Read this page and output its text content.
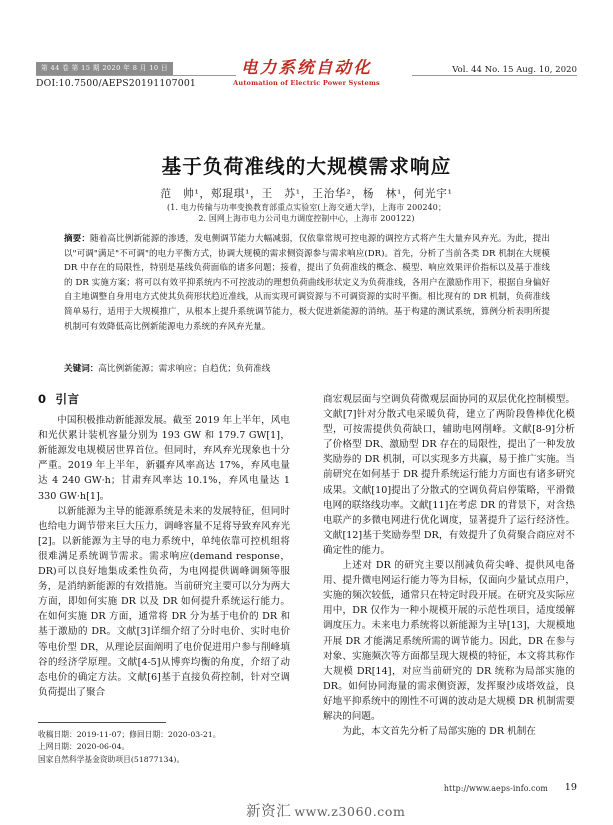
第 44 卷 第 15 期 2020 年 8 月 10 日
DOI:10.7500/AEPS20191107001
电力系统自动化
Automation of Electric Power Systems
Vol. 44 No. 15 Aug. 10, 2020
基于负荷准线的大规模需求响应
范　帅¹，郏琨琪¹，王　苏¹，王治华²，杨　林¹，何光宇¹
(1. 电力传输与功率变换教育部重点实验室(上海交通大学)，上海市 200240；
2. 国网上海市电力公司电力调度控制中心，上海市 200122)
摘要：随着高比例新能源的渗透，发电侧调节能力大幅减弱，仅依靠常规可控电源的调控方式将产生大量弃风弃光。为此，提出以"可调"满足"不可调"的电力平衡方式，协调大规模的需求侧资源参与需求响应(DR)。首先，分析了当前各类 DR 机制在大规模 DR 中存在的局限性，特别是基线负荷面临的诸多问题；接着，提出了负荷准线的概念、模型、响应效果评价指标以及基于准线的 DR 实施方案；将可以有效平抑系统内不可控波动的理想负荷曲线形状定义为负荷准线，各用户在激励作用下，根据自身偏好自主地调整自身用电方式使其负荷形状趋近准线，从而实现可调资源与不可调资源的实时平衡。相比现有的 DR 机制，负荷准线简单易行，适用于大规模推广，从根本上提升系统调节能力，极大促进新能源的消纳。基于构建的测试系统，算例分析表明所提机制可有效降低高比例新能源电力系统的弃风弃光量。
关键词：高比例新能源；需求响应；自趋优；负荷准线
0 引言

中国积极推动新能源发展。截至 2019 年上半年，风电和光伏累计装机容量分别为 193 GW 和 179.7 GW[1]，新能源发电规模居世界首位。但同时，弃风弃光现象也十分严重。2019 年上半年，新疆弃风率高达 17%，弃风电量达 4 240 GW·h；甘肃弃风率达 10.1%，弃风电量达 1 330 GW·h[1]。

以新能源为主导的能源系统是未来的发展特征，但同时也给电力调节带来巨大压力，调峰容量不足将导致弃风弃光[2]。以新能源为主导的电力系统中，单纯依靠可控机组将很难满足系统调节需求。需求响应(demand response，DR)可以良好地集成柔性负荷，为电网提供调峰调频等服务，是消纳新能源的有效措施。当前研究主要可以分为两大方面，即如何实施 DR 以及 DR 如何提升系统运行能力。在如何实施 DR 方面，通常将 DR 分为基于电价的 DR 和基于激励的 DR。文献[3]详细介绍了分时电价、实时电价等电价型 DR，从理论层面阐明了电价促进用户参与削峰填谷的经济学原理。文献[4-5]从博弈均衡的角度，介绍了动态电价的确定方法。文献[6]基于直接负荷控制，针对空调负荷提出了聚合

商宏观层面与空调负荷微观层面协同的双层优化控制模型。文献[7]针对分散式电采暖负荷，建立了两阶段鲁棒优化模型，可按需提供负荷缺口，辅助电网削峰。文献[8-9]分析了价格型 DR、激励型 DR 存在的局限性，提出了一种发放奖励券的 DR 机制，可以实现多方共赢，易于推广实施。当前研究在如何基于 DR 提升系统运行能力方面也有诸多研究成果。文献[10]提出了分散式的空调负荷启停策略，平滑微电网的联络线功率。文献[11]在考虑 DR 的背景下，对含热电联产的多微电网进行优化调度，显著提升了运行经济性。文献[12]基于奖励券型 DR，有效提升了负荷聚合商应对不确定性的能力。

上述对 DR 的研究主要以削减负荷尖峰、提供风电备用、提升微电网运行能力等为目标，仅面向少量试点用户，实施的频次较低，通常只在特定时段开展。在研究及实际应用中，DR 仅作为一种小规模开展的示范性项目，适度缓解调度压力。未来电力系统将以新能源为主导[13]，大规模地开展 DR 才能满足系统所需的调节能力。因此，DR 在参与对象、实施频次等方面都呈现大规模的特征，本文将其称作大规模 DR[14]，对应当前研究的 DR 统称为局部实施的 DR。如何协同海量的需求侧资源，发挥聚沙成塔效益，良好地平抑系统中的刚性不可调的波动是大规模 DR 机制需要解决的问题。

为此，本文首先分析了局部实施的 DR 机制在

收稿日期：2019-11-07；修回日期：2020-03-21。
上网日期：2020-06-04。
国家自然科学基金资助项目(51877134)。
http://www.aeps-info.com 19
新资汇 www.z3060.com
